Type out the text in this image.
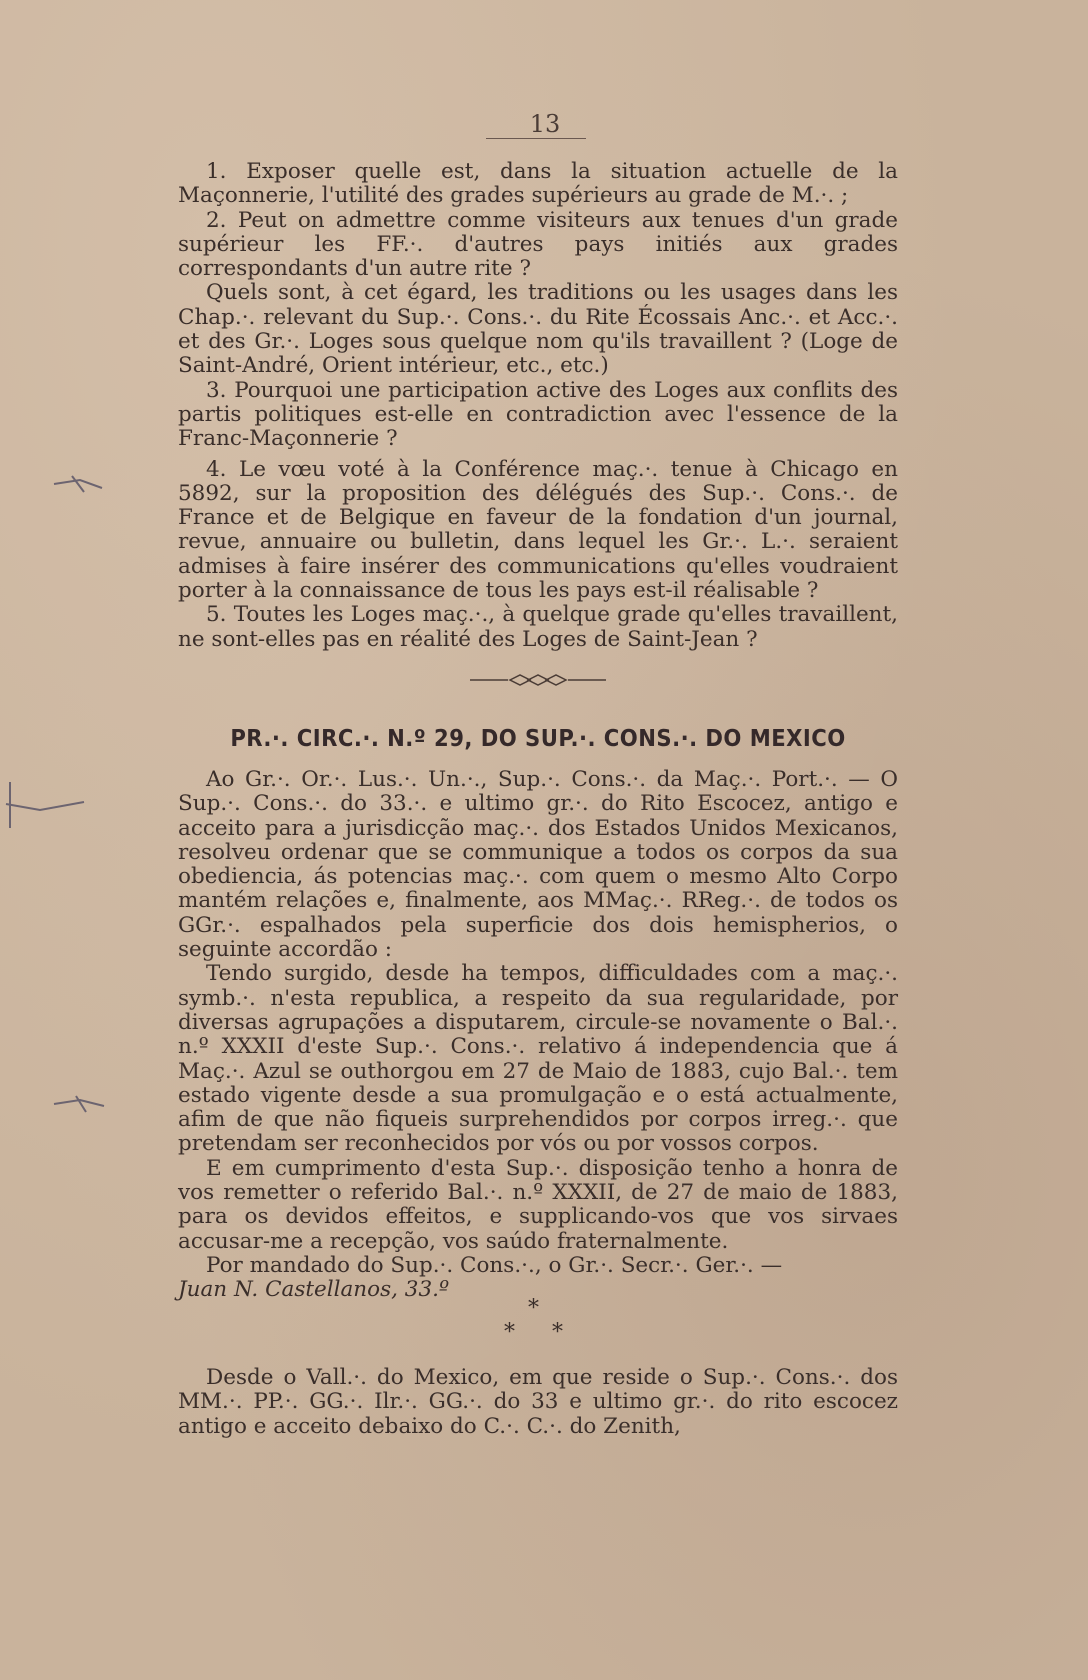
13

1. Exposer quelle est, dans la situation actuelle de la Maçonnerie, l'utilité des grades supérieurs au grade de M.·. ;

2. Peut on admettre comme visiteurs aux tenues d'un grade supérieur les FF.·. d'autres pays initiés aux grades correspondants d'un autre rite ?

Quels sont, à cet égard, les traditions ou les usages dans les Chap.·. relevant du Sup.·. Cons.·. du Rite Écossais Anc.·. et Acc.·. et des Gr.·. Loges sous quelque nom qu'ils travaillent ? (Loge de Saint-André, Orient intérieur, etc., etc.)

3. Pourquoi une participation active des Loges aux conflits des partis politiques est-elle en contradiction avec l'essence de la Franc-Maçonnerie ?

4. Le vœu voté à la Conférence maç.·. tenue à Chicago en 5892, sur la proposition des délégués des Sup.·. Cons.·. de France et de Belgique en faveur de la fondation d'un journal, revue, annuaire ou bulletin, dans lequel les Gr.·. L.·. seraient admises à faire insérer des communications qu'elles voudraient porter à la connaissance de tous les pays est-il réalisable ?

5. Toutes les Loges maç.·., à quelque grade qu'elles travaillent, ne sont-elles pas en réalité des Loges de Saint-Jean ?

PR.·. CIRC.·. N.º 29, DO SUP.·. CONS.·. DO MEXICO

Ao Gr.·. Or.·. Lus.·. Un.·., Sup.·. Cons.·. da Maç.·. Port.·. — O Sup.·. Cons.·. do 33.·. e ultimo gr.·. do Rito Escocez, antigo e acceito para a jurisdicção maç.·. dos Estados Unidos Mexicanos, resolveu ordenar que se communique a todos os corpos da sua obediencia, ás potencias maç.·. com quem o mesmo Alto Corpo mantém relações e, finalmente, aos MMaç.·. RReg.·. de todos os GGr.·. espalhados pela superficie dos dois hemispherios, o seguinte accordão :

Tendo surgido, desde ha tempos, difficuldades com a maç.·. symb.·. n'esta republica, a respeito da sua regularidade, por diversas agrupações a disputarem, circule-se novamente o Bal.·. n.º XXXII d'este Sup.·. Cons.·. relativo á independencia que á Maç.·. Azul se outhorgou em 27 de Maio de 1883, cujo Bal.·. tem estado vigente desde a sua promulgação e o está actualmente, afim de que não fiqueis surprehendidos por corpos irreg.·. que pretendam ser reconhecidos por vós ou por vossos corpos.

E em cumprimento d'esta Sup.·. disposição tenho a honra de vos remetter o referido Bal.·. n.º XXXII, de 27 de maio de 1883, para os devidos effeitos, e supplicando-vos que vos sirvaes accusar-me a recepção, vos saúdo fraternalmente.

Por mandado do Sup.·. Cons.·., o Gr.·. Secr.·. Ger.·. —

Juan N. Castellanos, 33.º

*
* *

Desde o Vall.·. do Mexico, em que reside o Sup.·. Cons.·. dos MM.·. PP.·. GG.·. Ilr.·. GG.·. do 33 e ultimo gr.·. do rito escocez antigo e acceito debaixo do C.·. C.·. do Zenith,
